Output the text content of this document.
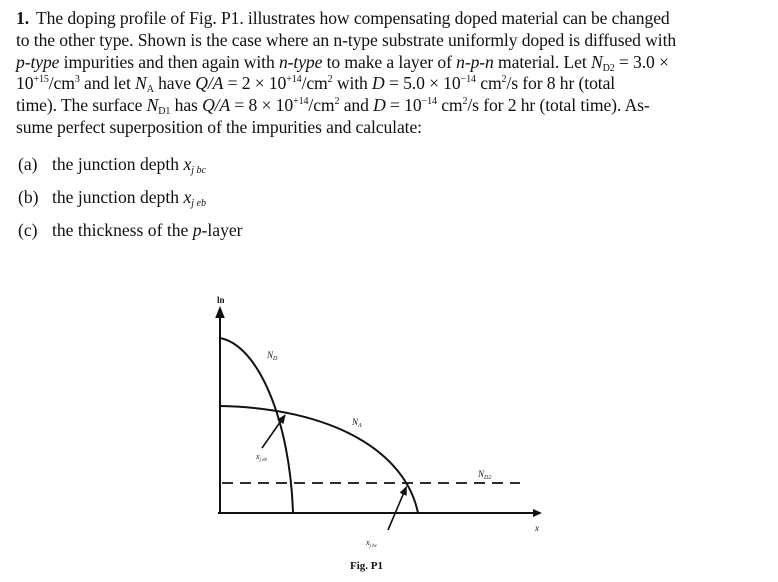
1. The doping profile of Fig. P1. illustrates how compensating doped material can be changed
to the other type. Shown is the case where an n-type substrate uniformly doped is diffused with
p-type impurities and then again with n-type to make a layer of n-p-n material. Let $N_{D2} = 3.0$ ×
$10^{+15}/cm^3$ and let $N_A$ have $Q/A = 2 \times 10^{+14}/cm^2$ with $D = 5.0 \times 10^{-14}$ $cm^2/s$ for 8 hr (total
time). The surface $N_{D1}$ has $Q/A = 8 \times 10^{+14}/cm^2$ and $D = 10^{-14}$ $cm^2/s$ for 2 hr (total time). As-
sume perfect superposition of the impurities and calculate:
(a) the junction depth $x_{j bc}$
(b) the junction depth $x_{j eb}$
(c) the thickness of the p-layer
ln
x
$N_D$
$N_A$
$N_{D2}$
$x_{j eb}$
$x_{j bc}$
Fig. P1
